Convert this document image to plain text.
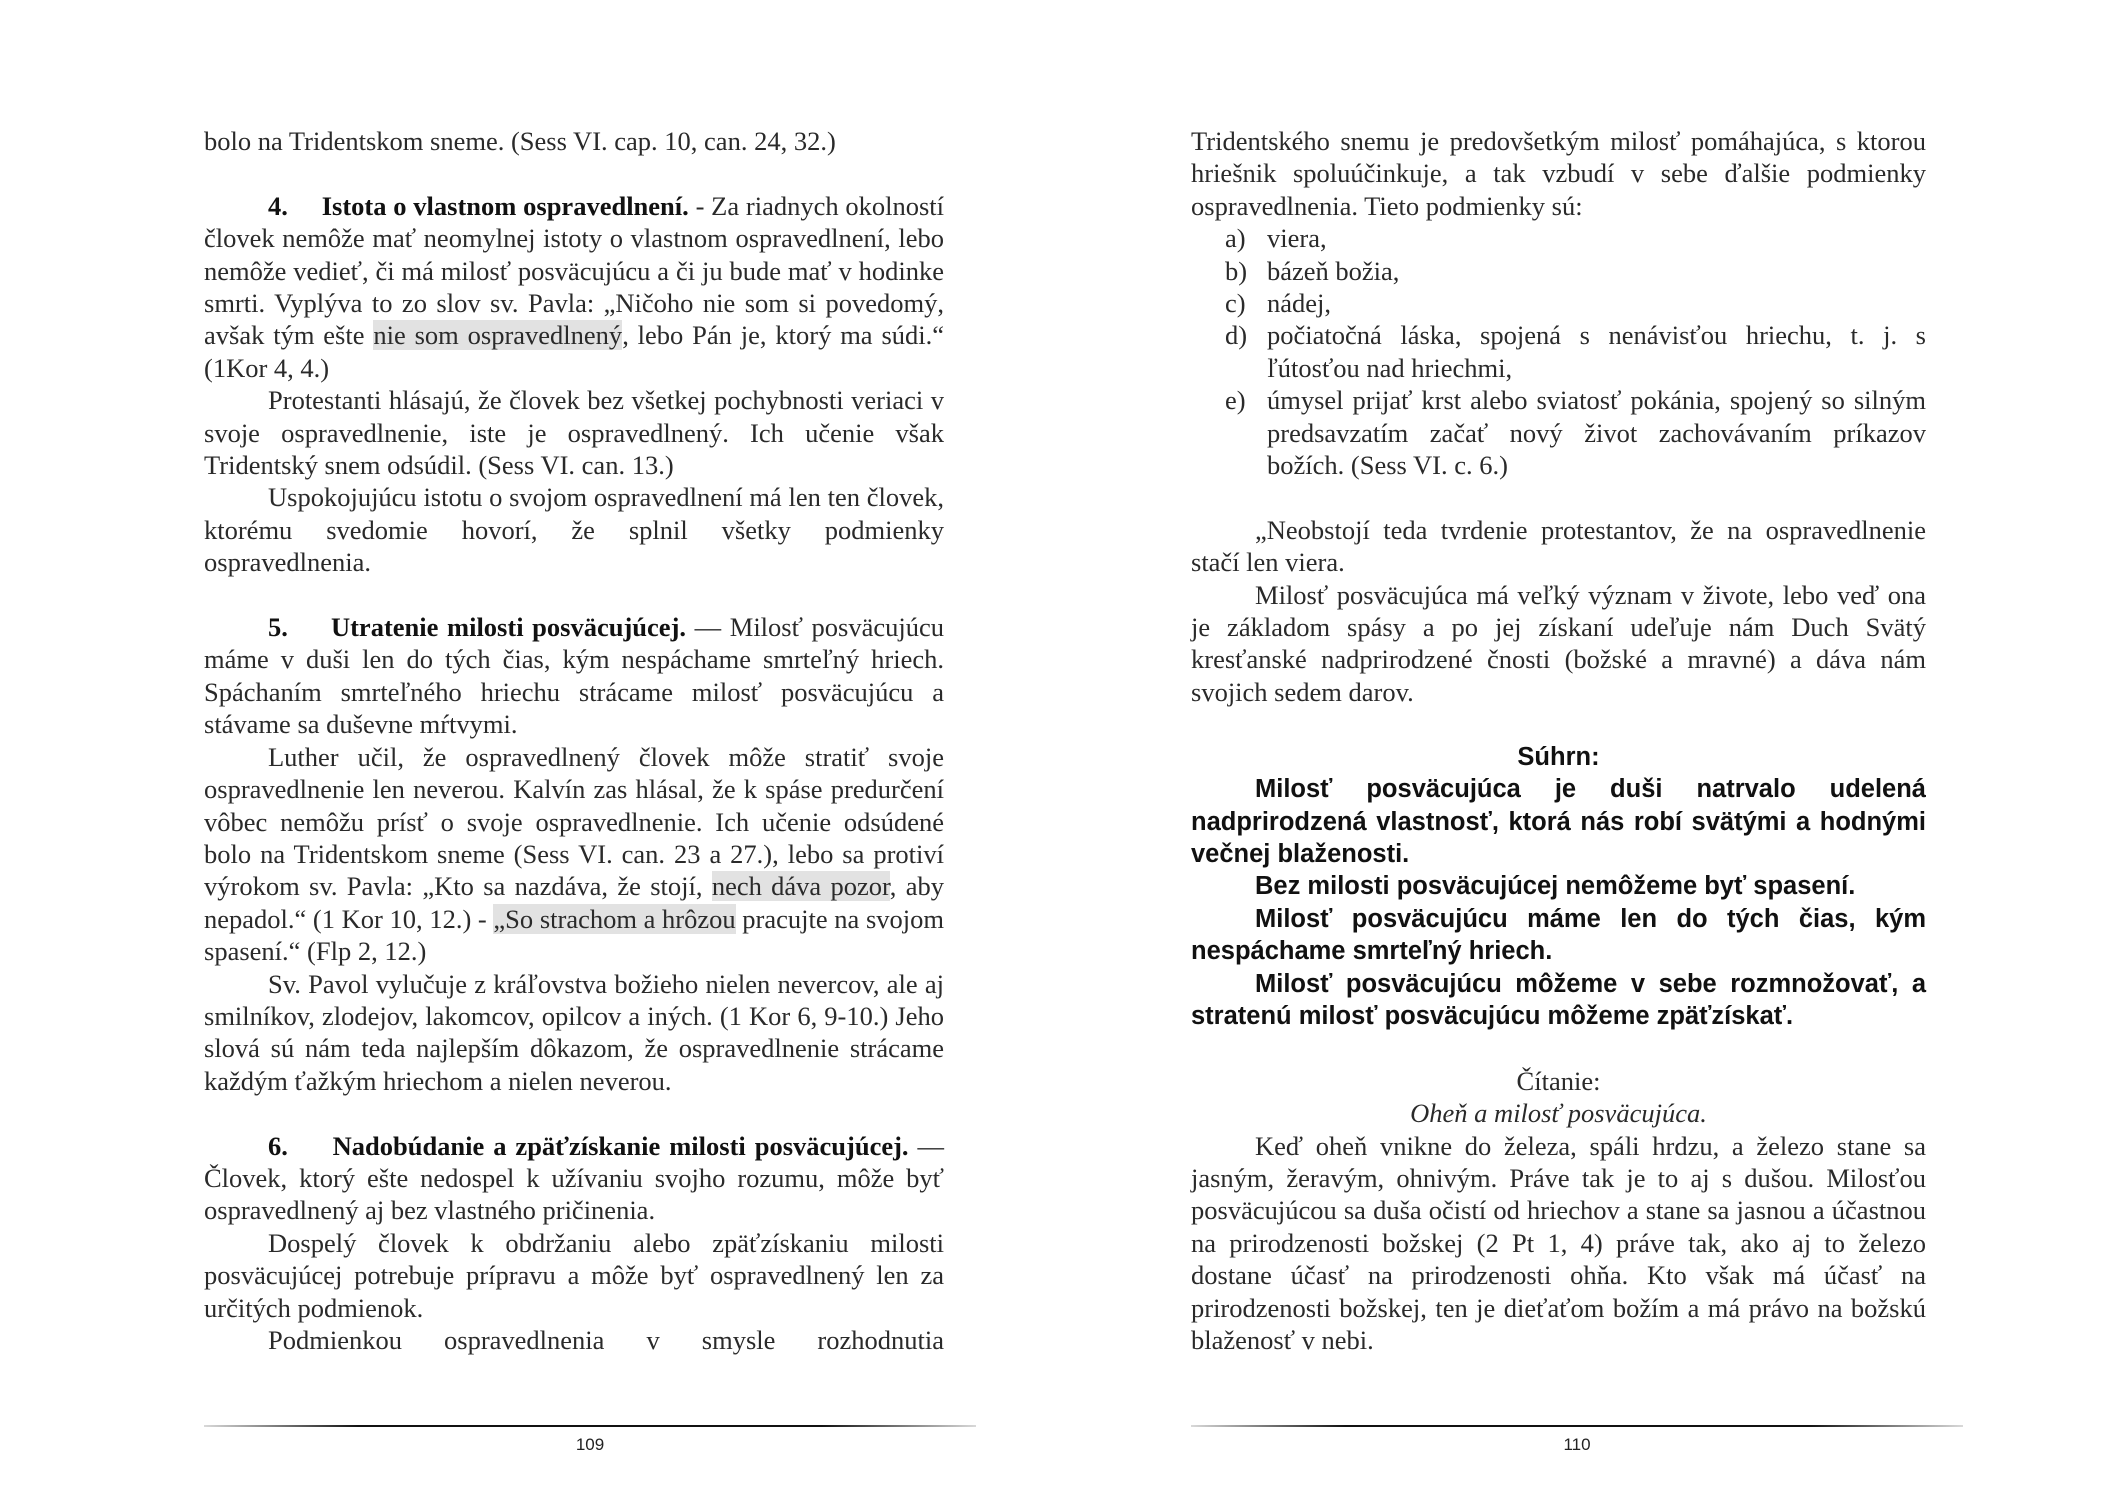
bolo na Tridentskom sneme. (Sess VI. cap. 10, can. 24, 32.)

4. Istota o vlastnom ospravedlnení. - Za riadnych okolností človek nemôže mať neomylnej istoty o vlastnom ospravedlnení, lebo nemôže vedieť, či má milosť posväcujúcu a či ju bude mať v hodinke smrti. Vyplýva to zo slov sv. Pavla: „Ničoho nie som si povedomý, avšak tým ešte nie som ospravedlnený, lebo Pán je, ktorý ma súdi.“ (1Kor 4, 4.)

Protestanti hlásajú, že človek bez všetkej pochybnosti veriaci v svoje ospravedlnenie, iste je ospravedlnený. Ich učenie však Tridentský snem odsúdil. (Sess VI. can. 13.)

Uspokojujúcu istotu o svojom ospravedlnení má len ten človek, ktorému svedomie hovorí, že splnil všetky podmienky ospravedlnenia.

5. Utratenie milosti posväcujúcej. — Milosť posväcujúcu máme v duši len do tých čias, kým nespáchame smrteľný hriech. Spáchaním smrteľného hriechu strácame milosť posväcujúcu a stávame sa duševne mŕtvymi.

Luther učil, že ospravedlnený človek môže stratiť svoje ospravedlnenie len neverou. Kalvín zas hlásal, že k spáse predurčení vôbec nemôžu prísť o svoje ospravedlnenie. Ich učenie odsúdené bolo na Tridentskom sneme (Sess VI. can. 23 a 27.), lebo sa protiví výrokom sv. Pavla: „Kto sa nazdáva, že stojí, nech dáva pozor, aby nepadol.“ (1 Kor 10, 12.) - „So strachom a hrôzou pracujte na svojom spasení.“ (Flp 2, 12.)

Sv. Pavol vylučuje z kráľovstva božieho nielen nevercov, ale aj smilníkov, zlodejov, lakomcov, opilcov a iných. (1 Kor 6, 9-10.) Jeho slová sú nám teda najlepším dôkazom, že ospravedlnenie strácame každým ťažkým hriechom a nielen neverou.

6. Nadobúdanie a zpäťzískanie milosti posväcujúcej. — Človek, ktorý ešte nedospel k užívaniu svojho rozumu, môže byť ospravedlnený aj bez vlastného pričinenia.

Dospelý človek k obdržaniu alebo zpäťzískaniu milosti posväcujúcej potrebuje prípravu a môže byť ospravedlnený len za určitých podmienok.

Podmienkou ospravedlnenia v smysle rozhodnutia

109

Tridentského snemu je predovšetkým milosť pomáhajúca, s ktorou hriešnik spoluúčinkuje, a tak vzbudí v sebe ďalšie podmienky ospravedlnenia. Tieto podmienky sú:

a) viera,
b) bázeň božia,
c) nádej,
d) počiatočná láska, spojená s nenávisťou hriechu, t. j. s ľútosťou nad hriechmi,
e) úmysel prijať krst alebo sviatosť pokánia, spojený so silným predsavzatím začať nový život zachovávaním príkazov božích. (Sess VI. c. 6.)

„Neobstojí teda tvrdenie protestantov, že na ospravedlnenie stačí len viera.

Milosť posväcujúca má veľký význam v živote, lebo veď ona je základom spásy a po jej získaní udeľuje nám Duch Svätý kresťanské nadprirodzené čnosti (božské a mravné) a dáva nám svojich sedem darov.

Súhrn:

Milosť posväcujúca je duši natrvalo udelená nadprirodzená vlastnosť, ktorá nás robí svätými a hodnými večnej blaženosti.

Bez milosti posväcujúcej nemôžeme byť spasení.

Milosť posväcujúcu máme len do tých čias, kým nespáchame smrteľný hriech.

Milosť posväcujúcu môžeme v sebe rozmnožovať, a stratenú milosť posväcujúcu môžeme zpäťzískať.

Čítanie:

Oheň a milosť posväcujúca.

Keď oheň vnikne do železa, spáli hrdzu, a železo stane sa jasným, žeravým, ohnivým. Práve tak je to aj s dušou. Milosťou posväcujúcou sa duša očistí od hriechov a stane sa jasnou a účastnou na prirodzenosti božskej (2 Pt 1, 4) práve tak, ako aj to železo dostane účasť na prirodzenosti ohňa. Kto však má účasť na prirodzenosti božskej, ten je dieťaťom božím a má právo na božskú blaženosť v nebi.

110
